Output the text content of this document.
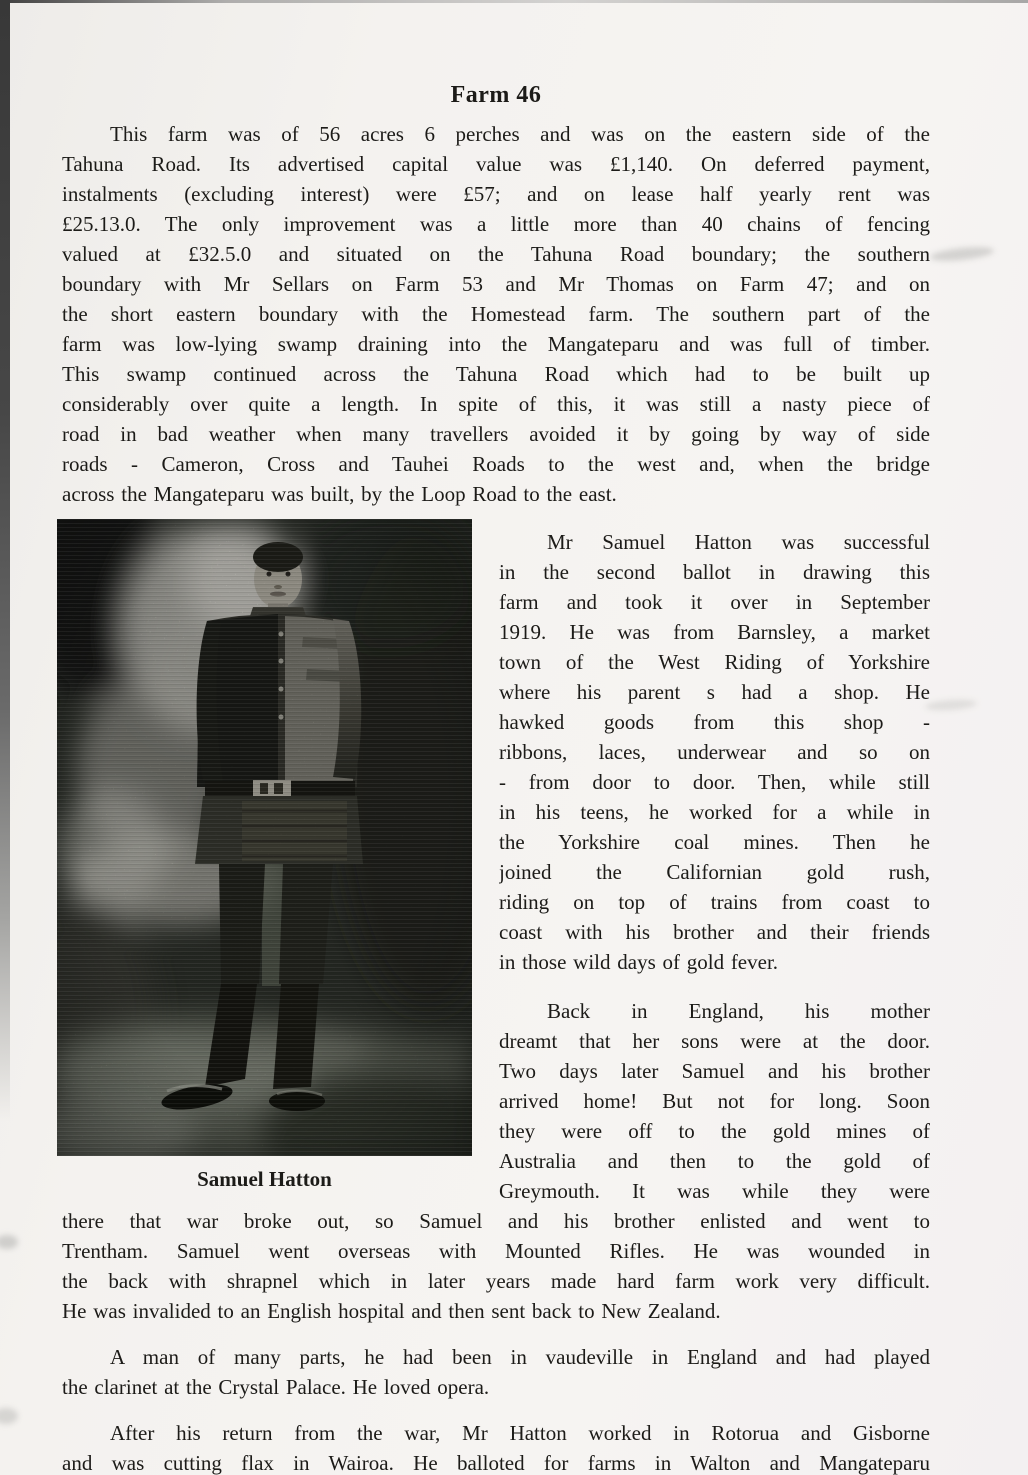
Farm 46
This farm was of 56 acres 6 perches and was on the eastern side of the
Tahuna Road. Its advertised capital value was £1,140. On deferred payment,
instalments (excluding interest) were £57; and on lease half yearly rent was
£25.13.0. The only improvement was a little more than 40 chains of fencing
valued at £32.5.0 and situated on the Tahuna Road boundary; the southern
boundary with Mr Sellars on Farm 53 and Mr Thomas on Farm 47; and on
the short eastern boundary with the Homestead farm. The southern part of the
farm was low-lying swamp draining into the Mangateparu and was full of timber.
This swamp continued across the Tahuna Road which had to be built up
considerably over quite a length. In spite of this, it was still a nasty piece of
road in bad weather when many travellers avoided it by going by way of side
roads - Cameron, Cross and Tauhei Roads to the west and, when the bridge
across the Mangateparu was built, by the Loop Road to the east.
Samuel Hatton
Mr Samuel Hatton was successful
in the second ballot in drawing this
farm and took it over in September
1919. He was from Barnsley, a market
town of the West Riding of Yorkshire
where his parent s had a shop. He
hawked goods from this shop -
ribbons, laces, underwear and so on
- from door to door. Then, while still
in his teens, he worked for a while in
the Yorkshire coal mines. Then he
joined the Californian gold rush,
riding on top of trains from coast to
coast with his brother and their friends
in those wild days of gold fever.
Back in England, his mother
dreamt that her sons were at the door.
Two days later Samuel and his brother
arrived home! But not for long. Soon
they were off to the gold mines of
Australia and then to the gold of
Greymouth. It was while they were
there that war broke out, so Samuel and his brother enlisted and went to
Trentham. Samuel went overseas with Mounted Rifles. He was wounded in
the back with shrapnel which in later years made hard farm work very difficult.
He was invalided to an English hospital and then sent back to New Zealand.
A man of many parts, he had been in vaudeville in England and had played
the clarinet at the Crystal Palace. He loved opera.
After his return from the war, Mr Hatton worked in Rotorua and Gisborne
and was cutting flax in Wairoa. He balloted for farms in Walton and Mangateparu
